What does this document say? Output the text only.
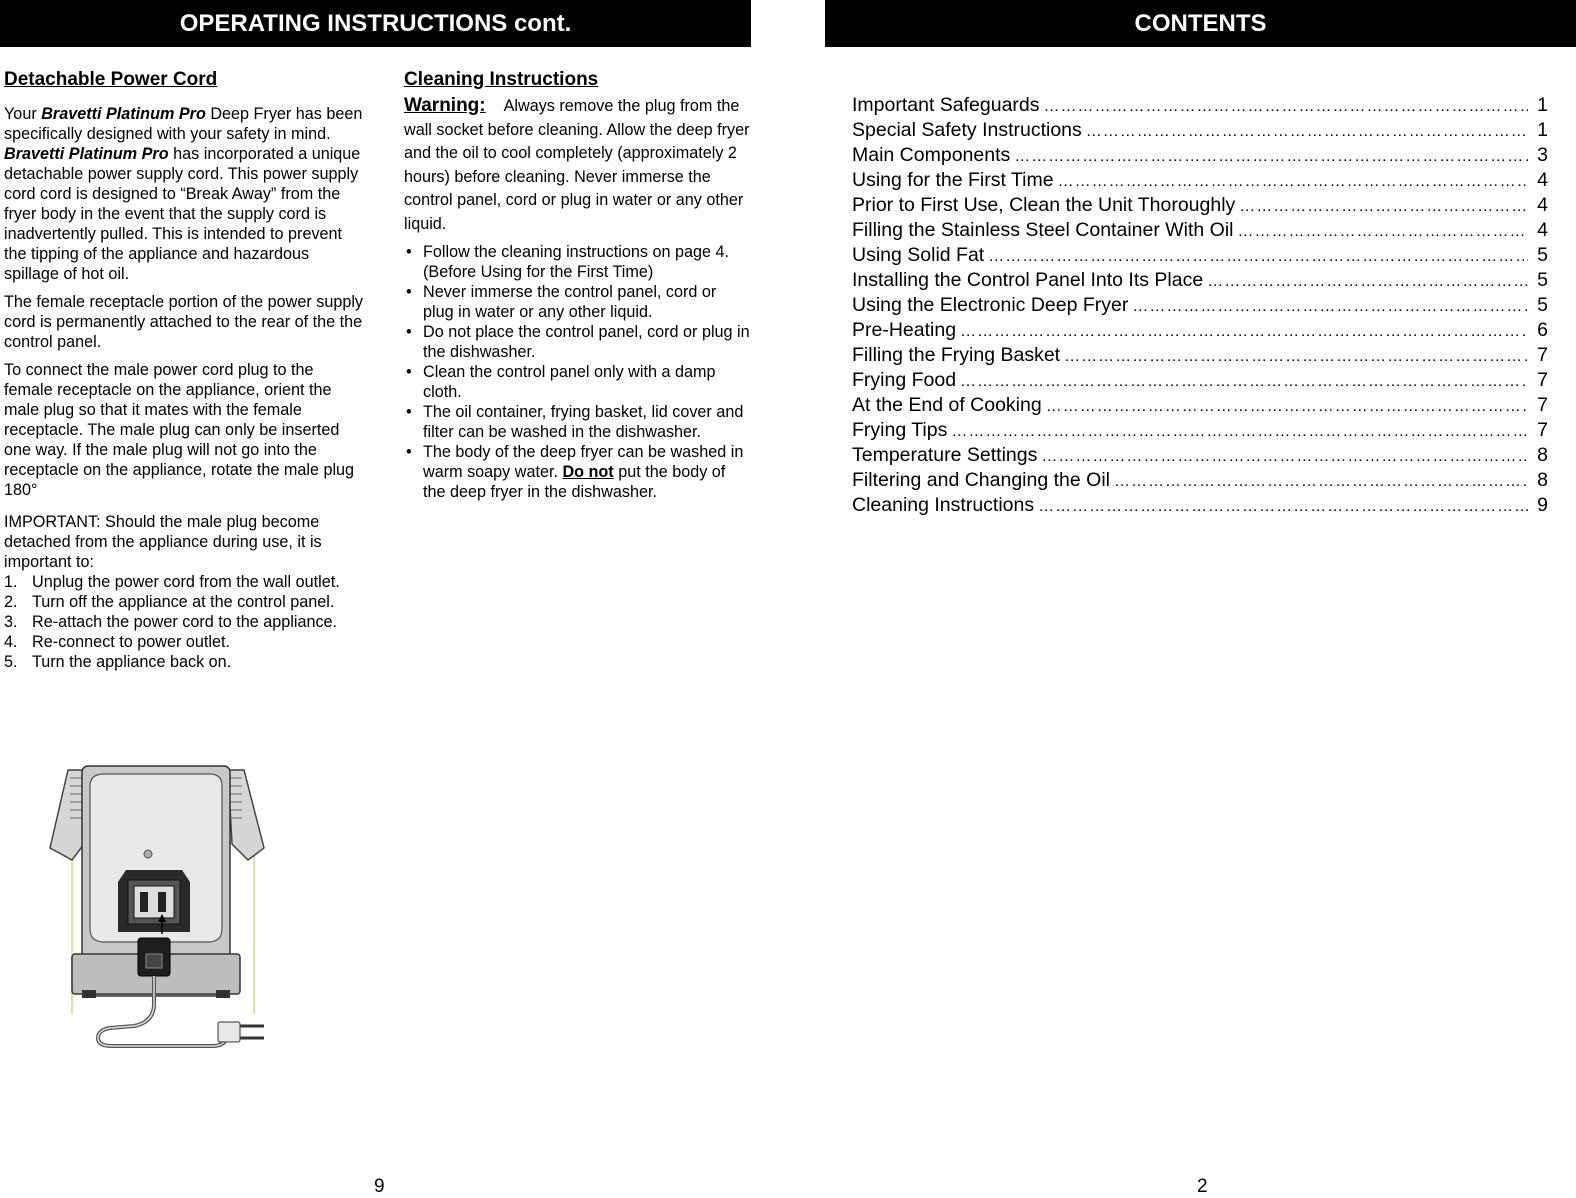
OPERATING INSTRUCTIONS cont.
Detachable Power Cord

Your Bravetti Platinum Pro Deep Fryer has been specifically designed with your safety in mind. Bravetti Platinum Pro has incorporated a unique detachable power supply cord. This power supply cord cord is designed to “Break Away” from the fryer body in the event that the supply cord is inadvertently pulled. This is intended to prevent the tipping of the appliance and hazardous spillage of hot oil.

The female receptacle portion of the power supply cord is permanently attached to the rear of the the control panel.

To connect the male power cord plug to the female receptacle on the appliance, orient the male plug so that it mates with the female receptacle. The male plug can only be inserted one way. If the male plug will not go into the receptacle on the appliance, rotate the male plug 180°

IMPORTANT: Should the male plug become detached from the appliance during use, it is important to:

1. Unplug the power cord from the wall outlet.
2. Turn off the appliance at the control panel.
3. Re-attach the power cord to the appliance.
4. Re-connect to power outlet.
5. Turn the appliance back on.
Cleaning Instructions

Warning: Always remove the plug from the wall socket before cleaning. Allow the deep fryer and the oil to cool completely (approximately 2 hours) before cleaning. Never immerse the control panel, cord or plug in water or any other liquid.

• Follow the cleaning instructions on page 4. (Before Using for the First Time)
• Never immerse the control panel, cord or plug in water or any other liquid.
• Do not place the control panel, cord or plug in the dishwasher.
• Clean the control panel only with a damp cloth.
• The oil container, frying basket, lid cover and filter can be washed in the dishwasher.
• The body of the deep fryer can be washed in warm soapy water. Do not put the body of the deep fryer in the dishwasher.
9
CONTENTS
Important Safeguards ……………………………………………………………………………………………………………………	1
Special Safety Instructions ……………………………………………………………………………………………………………………	1
Main Components ……………………………………………………………………………………………………………………	3
Using for the First Time ……………………………………………………………………………………………………………………	4
Prior to First Use, Clean the Unit Thoroughly ……………………………………………………………………………………………………………………	4
Filling the Stainless Steel Container With Oil ……………………………………………………………………………………………………………………	4
Using Solid Fat ……………………………………………………………………………………………………………………	5
Installing the Control Panel Into Its Place ……………………………………………………………………………………………………………………	5
Using the Electronic Deep Fryer ……………………………………………………………………………………………………………………	5
Pre-Heating ……………………………………………………………………………………………………………………	6
Filling the Frying Basket ……………………………………………………………………………………………………………………	7
Frying Food ……………………………………………………………………………………………………………………	7
At the End of Cooking ……………………………………………………………………………………………………………………	7
Frying Tips ……………………………………………………………………………………………………………………	7
Temperature Settings ……………………………………………………………………………………………………………………	8
Filtering and Changing the Oil ……………………………………………………………………………………………………………………	8
Cleaning Instructions ……………………………………………………………………………………………………………………	9
2
